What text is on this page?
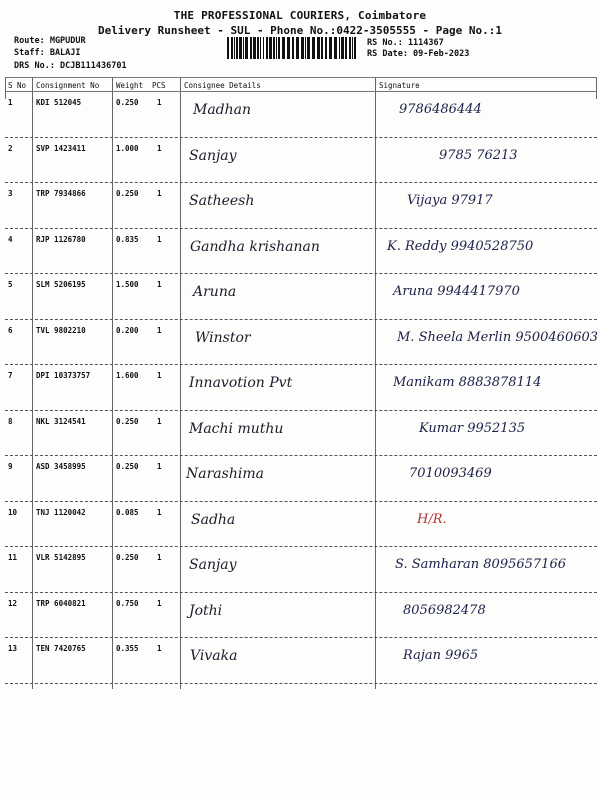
THE PROFESSIONAL COURIERS, Coimbatore
Delivery Runsheet - SUL - Phone No.:0422-3505555 - Page No.:1
Route: MGPUDUR
Staff: BALAJI
DRS No.: DCJB111436701
RS No.: 1114367
RS Date: 09-Feb-2023
S No Consignment No Weight PCS Consignee Details	Signature
1	KDI 512045	0.250 1 Madhan	9786486444
2	SVP 1423411	1.000 1 Sanjay	9785 76213
3	TRP 7934866	0.250 1 Satheesh	Vijaya 97917
4	RJP 1126780	0.835 1 Gandha krishanan	K. Reddy 9940528750
5	SLM 5206195	1.500 1 Aruna	Aruna 9944417970
6	TVL 9802210	0.200 1 Winstor	M. Sheela Merlin 9500460603
7	DPI 10373757	1.600 1 Innavotion Pvt	Manikam 8883878114
8	NKL 3124541	0.250 1 Machi muthu	Kumar 9952135
9	ASD 3458995	0.250 1 Narashima	7010093469
10	TNJ 1120042	0.085 1 Sadha	H/R.
11	VLR 5142895	0.250 1 Sanjay	S. Samharan 8095657166
12	TRP 6040821	0.750 1 Jothi	8056982478
13	TEN 7420765	0.355 1 Vivaka	Rajan 9965
